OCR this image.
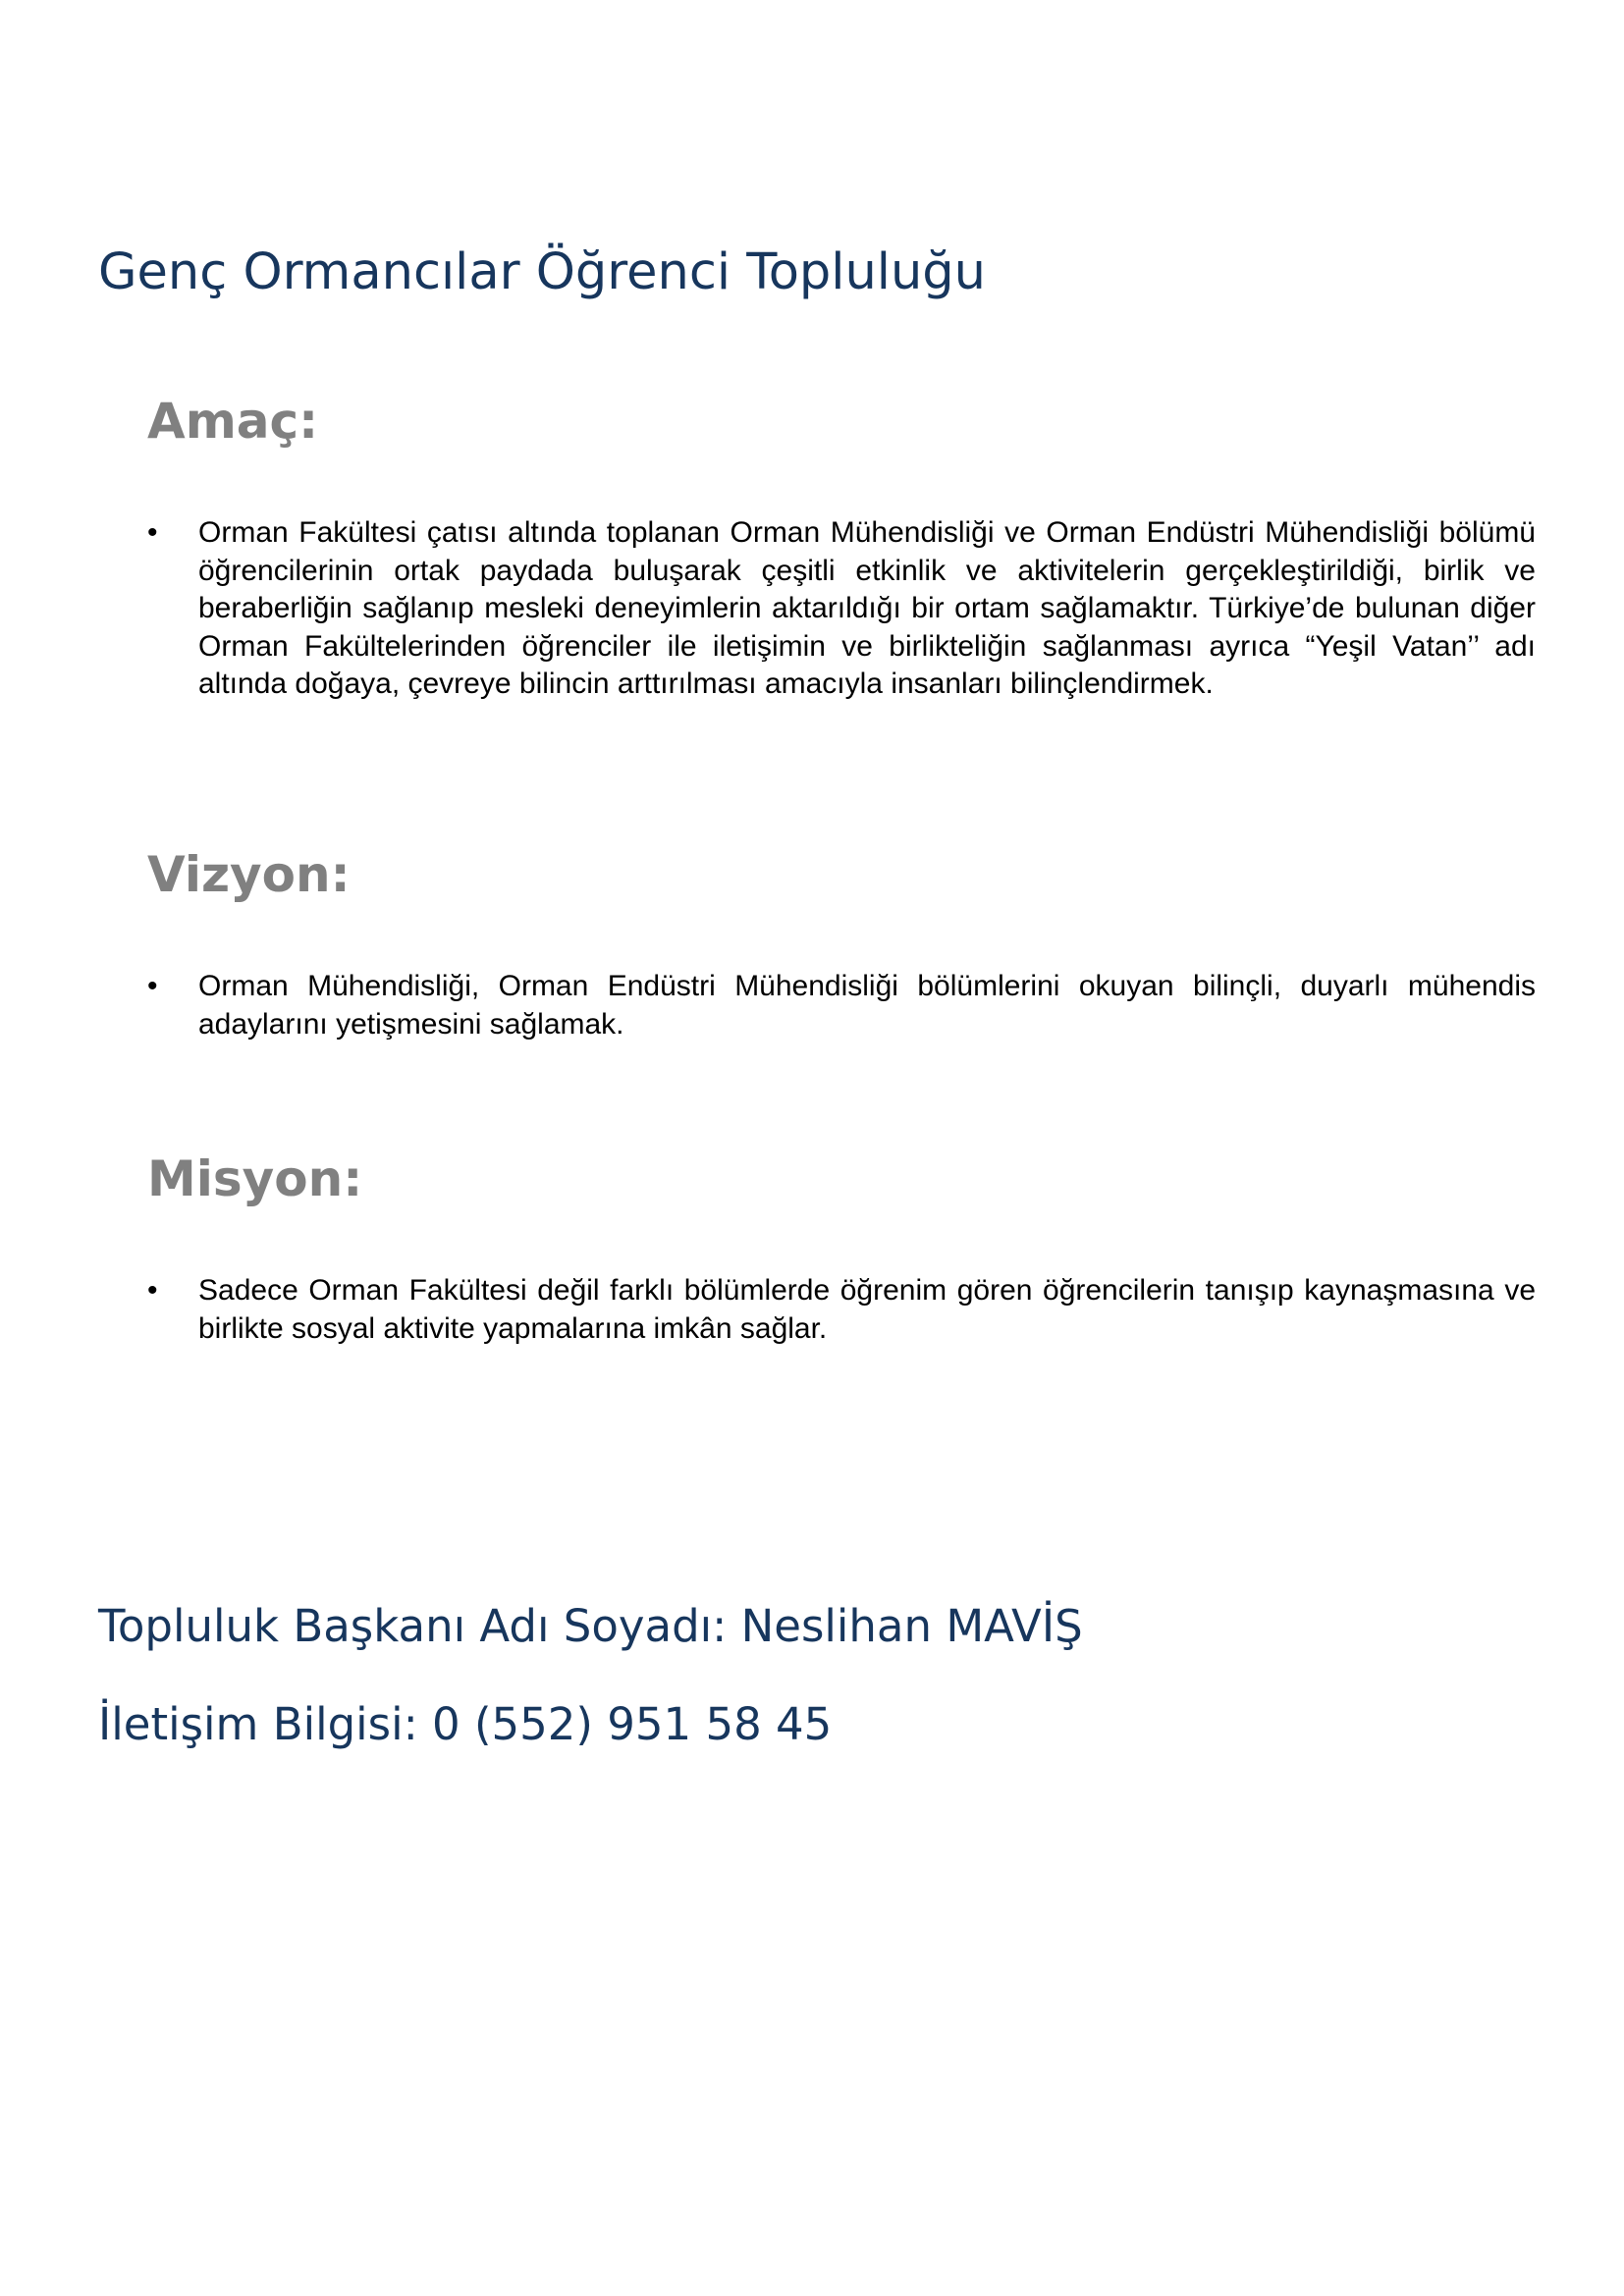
Genç Ormancılar Öğrenci Topluluğu
Amaç:
• Orman Fakültesi çatısı altında toplanan Orman Mühendisliği ve Orman Endüstri Mühendisliği bölümü öğrencilerinin ortak paydada buluşarak çeşitli etkinlik ve aktivitelerin gerçekleştirildiği, birlik ve beraberliğin sağlanıp mesleki deneyimlerin aktarıldığı bir ortam sağlamaktır. Türkiye’de bulunan diğer Orman Fakültelerinden öğrenciler ile iletişimin ve birlikteliğin sağlanması ayrıca “Yeşil Vatan’’ adı altında doğaya, çevreye bilincin arttırılması amacıyla insanları bilinçlendirmek.
Vizyon:
• Orman Mühendisliği, Orman Endüstri Mühendisliği bölümlerini okuyan bilinçli, duyarlı mühendis adaylarını yetişmesini sağlamak.
Misyon:
• Sadece Orman Fakültesi değil farklı bölümlerde öğrenim gören öğrencilerin tanışıp kaynaşmasına ve birlikte sosyal aktivite yapmalarına imkân sağlar.

Topluluk Başkanı Adı Soyadı: Neslihan MAVİŞ

İletişim Bilgisi: 0 (552) 951 58 45
